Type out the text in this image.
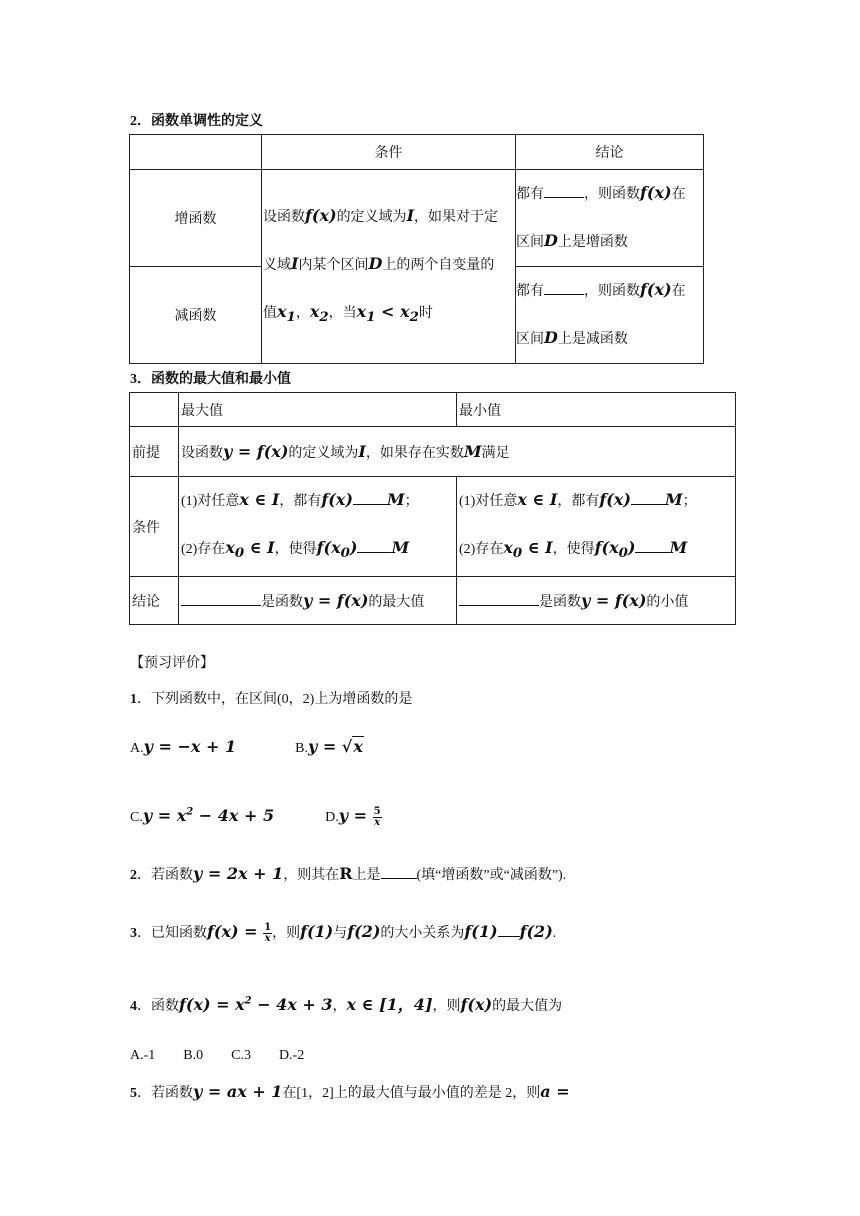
2．函数单调性的定义
	条件	结论
增函数	设函数f(x)的定义域为I，如果对于定
义域I内某个区间D上的两个自变量的
值$x_1$，$x_2$，当$x_1 < x_2$时	都有 ，则函数f(x)在
区间D上是增函数
减函数		都有 ，则函数f(x)在
区间D上是减函数
3．函数的最大值和最小值
	最大值	最小值
前提	设函数y = f(x)的定义域为I，如果存在实数M满足	
条件	(1)对任意x ∈ I，都有f(x) M；
(2)存在$x_0$ ∈ I，使得$f(x_0)$ M	(1)对任意x ∈ I，都有f(x) M；
(2)存在$x_0$ ∈ I，使得$f(x_0)$ M
结论	是函数y = f(x)的最大值	是函数y = f(x)的小值
【预习评价】
1．下列函数中，在区间(0，2)上为增函数的是
A.y = −x + 1	B.y = √x
$C.y = x^2 - 4x + 5$	$D.y = \frac{5}{x}$
2．若函数y = 2x + 1，则其在R上是	(填“增函数”或“减函数”).
3．已知函数$f(x) = \frac{1}{x}$ ，则f(1)与f(2)的大小关系为f(1) f(2).
4．函数$f(x) = x^2 - 4x + 3$，x ∈ [1，4]，则f(x)的最大值为
A.-1　　B.0　　C.3　　D.-2
5．若函数y = ax + 1在[1，2]上的最大值与最小值的差是 2，则a =
